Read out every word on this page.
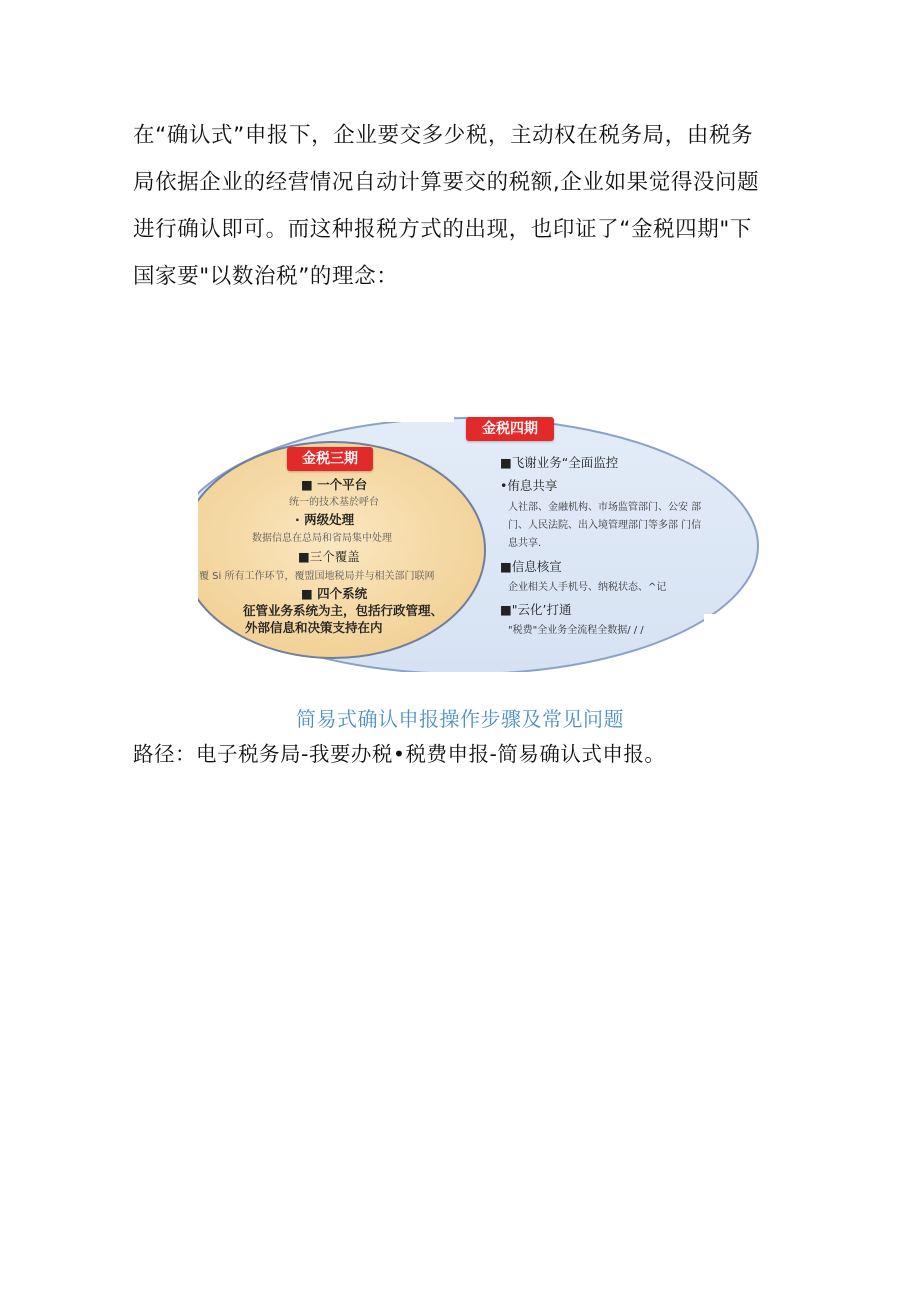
在“确认式”申报下，企业要交多少税，主动权在税务局，由税务
局依据企业的经营情况自动计算要交的税额,企业如果觉得没问题
进行确认即可。而这种报税方式的出现，也印证了“金税四期"下
国家要"以数治税”的理念：

金税三期
金税四期
■ 一个平台
统一的技术基於呼台
· 两级处理
数据信息在总局和省局集中处理
■三个覆盖
覆 Si 所有工作环节，覆盟国地税局并与相关部门联网
■ 四个系统
征管业务系统为主，包括行政管理、
外部信息和决策支持在内
■飞谢业务“全面监控
•侑息共享
人社部、金融机构、市场监管部门、公安 部
门、人民法院、出入境管理部门等多部 门信
息共享.
■信息核宣
企业相关人手机号、纳税状态、^记
■"云化’打通
"税费"全业务全流程全数据/ / /
简易式确认申报操作步骤及常见问题
路径：电子税务局-我要办税•税费申报-简易确认式申报。
